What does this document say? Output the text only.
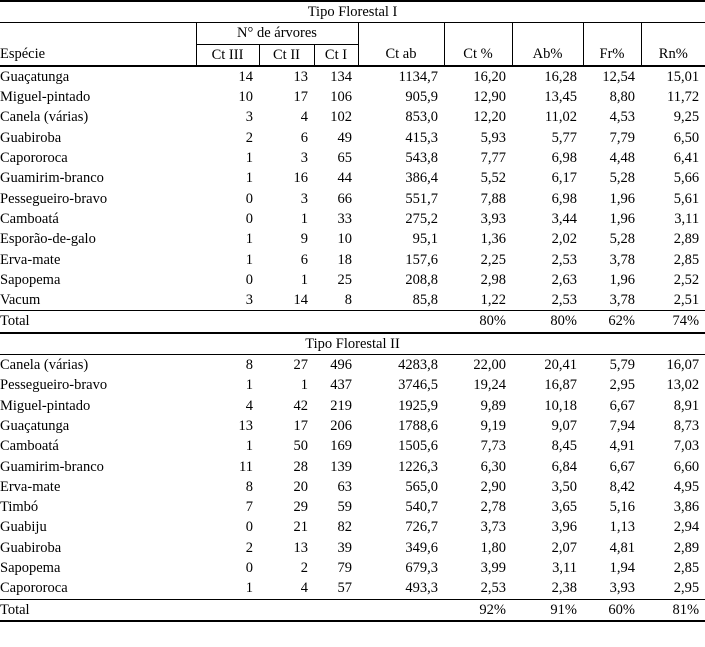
Tipo Florestal I								
	N° de árvores							
Espécie	Ct III	Ct II	Ct I	Ct ab	Ct %	Ab%	Fr%	Rn%
Guaçatunga	14	13	134	1134,7	16,20	16,28	12,54	15,01
Miguel-pintado	10	17	106	905,9	12,90	13,45	8,80	11,72
Canela (várias)	3	4	102	853,0	12,20	11,02	4,53	9,25
Guabiroba	2	6	49	415,3	5,93	5,77	7,79	6,50
Capororoca	1	3	65	543,8	7,77	6,98	4,48	6,41
Guamirim-branco	1	16	44	386,4	5,52	6,17	5,28	5,66
Pessegueiro-bravo	0	3	66	551,7	7,88	6,98	1,96	5,61
Camboatá	0	1	33	275,2	3,93	3,44	1,96	3,11
Esporão-de-galo	1	9	10	95,1	1,36	2,02	5,28	2,89
Erva-mate	1	6	18	157,6	2,25	2,53	3,78	2,85
Sapopema	0	1	25	208,8	2,98	2,63	1,96	2,52
Vacum	3	14	8	85,8	1,22	2,53	3,78	2,51
Total					80%	80%	62%	74%
Tipo Florestal II								
Canela (várias)	8	27	496	4283,8	22,00	20,41	5,79	16,07
Pessegueiro-bravo	1	1	437	3746,5	19,24	16,87	2,95	13,02
Miguel-pintado	4	42	219	1925,9	9,89	10,18	6,67	8,91
Guaçatunga	13	17	206	1788,6	9,19	9,07	7,94	8,73
Camboatá	1	50	169	1505,6	7,73	8,45	4,91	7,03
Guamirim-branco	11	28	139	1226,3	6,30	6,84	6,67	6,60
Erva-mate	8	20	63	565,0	2,90	3,50	8,42	4,95
Timbó	7	29	59	540,7	2,78	3,65	5,16	3,86
Guabiju	0	21	82	726,7	3,73	3,96	1,13	2,94
Guabiroba	2	13	39	349,6	1,80	2,07	4,81	2,89
Sapopema	0	2	79	679,3	3,99	3,11	1,94	2,85
Capororoca	1	4	57	493,3	2,53	2,38	3,93	2,95
Total					92%	91%	60%	81%
